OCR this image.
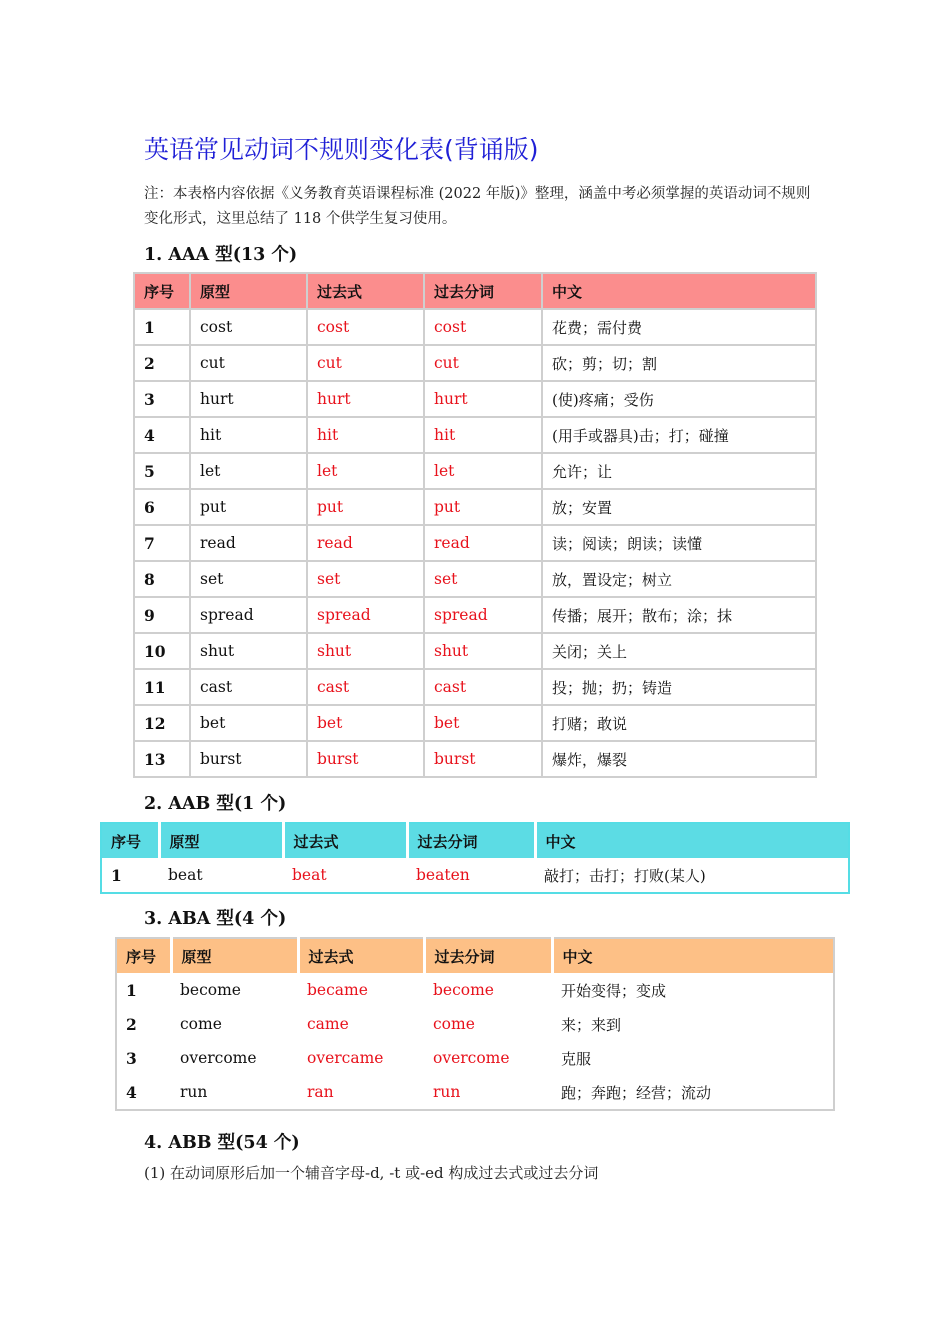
英语常见动词不规则变化表(背诵版)
注：本表格内容依据《义务教育英语课程标准 (2022 年版)》整理，涵盖中考必须掌握的英语动词不规则变化形式，这里总结了 118 个供学生复习使用。
1. AAA 型(13 个)
序号	原型	过去式	过去分词	中文
1	cost	cost	cost	花费；需付费
2	cut	cut	cut	砍；剪；切；割
3	hurt	hurt	hurt	(使)疼痛；受伤
4	hit	hit	hit	(用手或器具)击；打；碰撞
5	let	let	let	允许；让
6	put	put	put	放；安置
7	read	read	read	读；阅读；朗读；读懂
8	set	set	set	放，置设定；树立
9	spread	spread	spread	传播；展开；散布；涂；抹
10	shut	shut	shut	关闭；关上
11	cast	cast	cast	投；抛；扔；铸造
12	bet	bet	bet	打赌；敢说
13	burst	burst	burst	爆炸，爆裂
2. AAB 型(1 个)
序号	原型	过去式	过去分词	中文
1	beat	beat	beaten	敲打；击打；打败(某人)
3. ABA 型(4 个)
序号	原型	过去式	过去分词	中文
1	become	became	become	开始变得；变成
2	come	came	come	来；来到
3	overcome	overcame	overcome	克服
4	run	ran	run	跑；奔跑；经营；流动
4. ABB 型(54 个)
(1) 在动词原形后加一个辅音字母-d, -t 或-ed 构成过去式或过去分词
